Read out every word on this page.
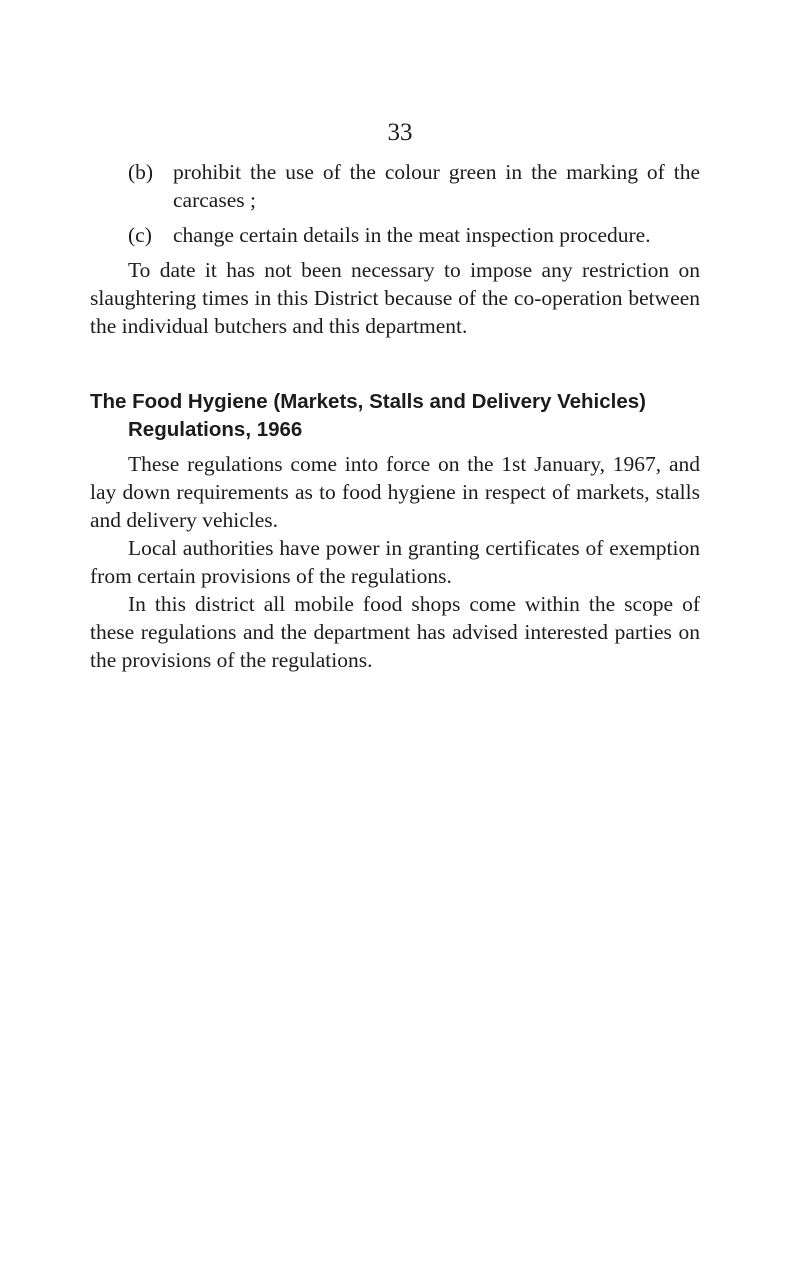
33
(b) prohibit the use of the colour green in the marking of the carcases ;
(c) change certain details in the meat inspection procedure.

To date it has not been necessary to impose any restriction on slaughtering times in this District because of the co-operation between the individual butchers and this department.

The Food Hygiene (Markets, Stalls and Delivery Vehicles) Regulations, 1966

These regulations come into force on the 1st January, 1967, and lay down requirements as to food hygiene in respect of markets, stalls and delivery vehicles.

Local authorities have power in granting certificates of exemption from certain provisions of the regulations.

In this district all mobile food shops come within the scope of these regulations and the department has advised interested parties on the provisions of the regulations.
